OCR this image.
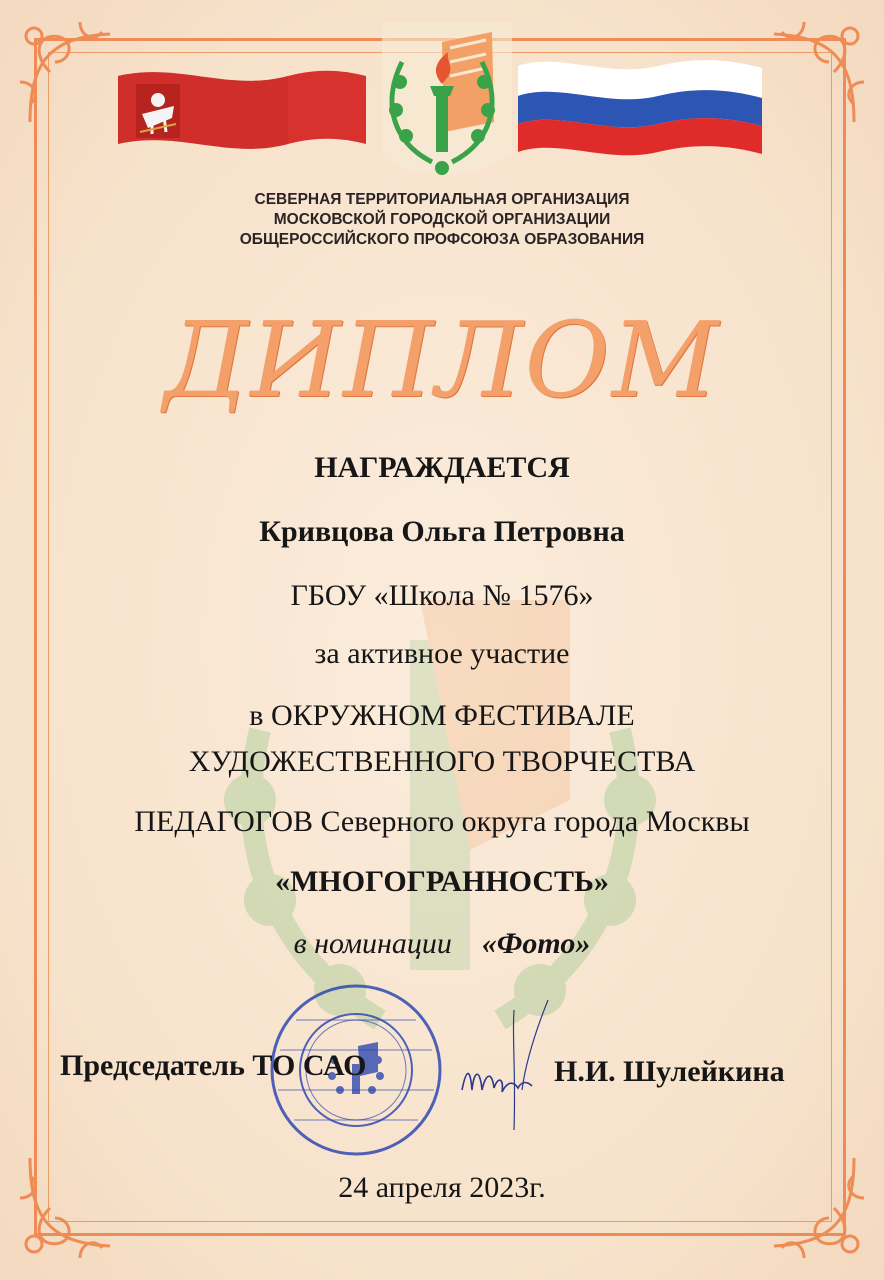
СЕВЕРНАЯ ТЕРРИТОРИАЛЬНАЯ ОРГАНИЗАЦИЯ
МОСКОВСКОЙ ГОРОДСКОЙ ОРГАНИЗАЦИИ
ОБЩЕРОССИЙСКОГО ПРОФСОЮЗА ОБРАЗОВАНИЯ
ДИПЛОМ
НАГРАЖДАЕТСЯ
Кривцова Ольга Петровна
ГБОУ «Школа № 1576»
за активное участие
в ОКРУЖНОМ ФЕСТИВАЛЕ
ХУДОЖЕСТВЕННОГО ТВОРЧЕСТВА
ПЕДАГОГОВ Северного округа города Москвы
«МНОГОГРАННОСТЬ»
в номинации «Фото»
Председатель ТО САО	Н.И. Шулейкина
24 апреля 2023г.
